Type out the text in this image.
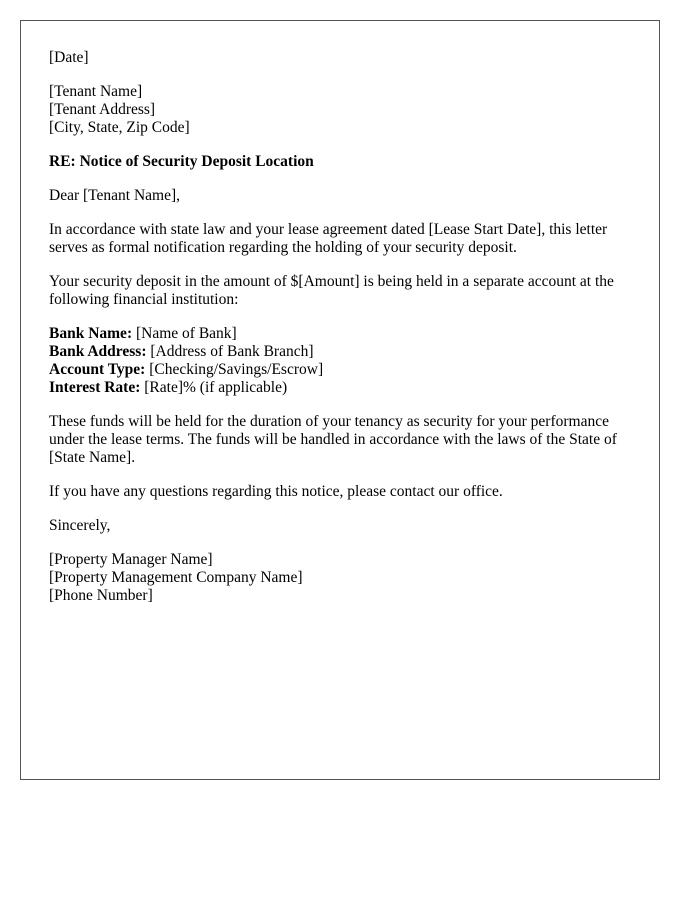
[Date]
[Tenant Name]
[Tenant Address]
[City, State, Zip Code]
RE: Notice of Security Deposit Location
Dear [Tenant Name],

In accordance with state law and your lease agreement dated [Lease Start Date], this letter serves as formal notification regarding the holding of your security deposit.

Your security deposit in the amount of $[Amount] is being held in a separate account at the following financial institution:

Bank Name: [Name of Bank]
Bank Address: [Address of Bank Branch]
Account Type: [Checking/Savings/Escrow]
Interest Rate: [Rate]% (if applicable)

These funds will be held for the duration of your tenancy as security for your performance under the lease terms. The funds will be handled in accordance with the laws of the State of [State Name].

If you have any questions regarding this notice, please contact our office.

Sincerely,
[Property Manager Name]
[Property Management Company Name]
[Phone Number]
